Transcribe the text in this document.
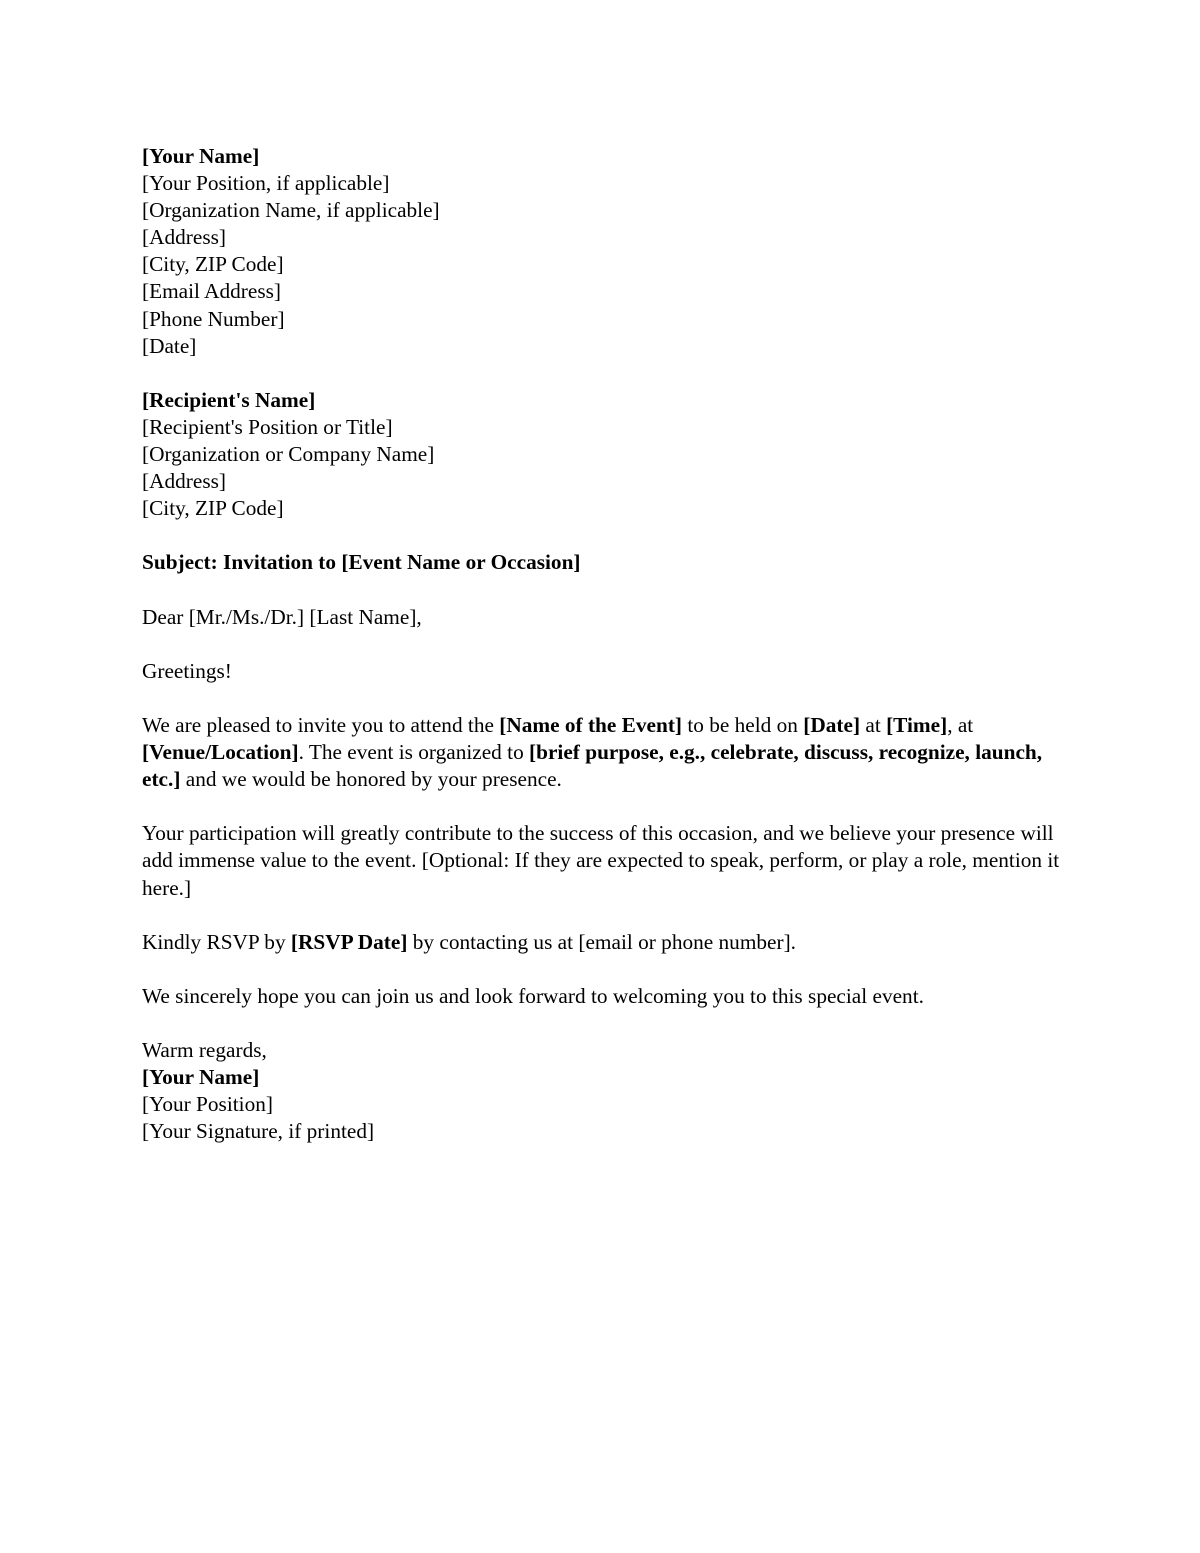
[Your Name]
[Your Position, if applicable]
[Organization Name, if applicable]
[Address]
[City, ZIP Code]
[Email Address]
[Phone Number]
[Date]
[Recipient's Name]
[Recipient's Position or Title]
[Organization or Company Name]
[Address]
[City, ZIP Code]
Subject: Invitation to [Event Name or Occasion]
Dear [Mr./Ms./Dr.] [Last Name],
Greetings!

We are pleased to invite you to attend the [Name of the Event] to be held on [Date] at [Time], at [Venue/Location]. The event is organized to [brief purpose, e.g., celebrate, discuss, recognize, launch, etc.] and we would be honored by your presence.

Your participation will greatly contribute to the success of this occasion, and we believe your presence will add immense value to the event. [Optional: If they are expected to speak, perform, or play a role, mention it here.]

Kindly RSVP by [RSVP Date] by contacting us at [email or phone number].

We sincerely hope you can join us and look forward to welcoming you to this special event.

Warm regards,
[Your Name]
[Your Position]
[Your Signature, if printed]
